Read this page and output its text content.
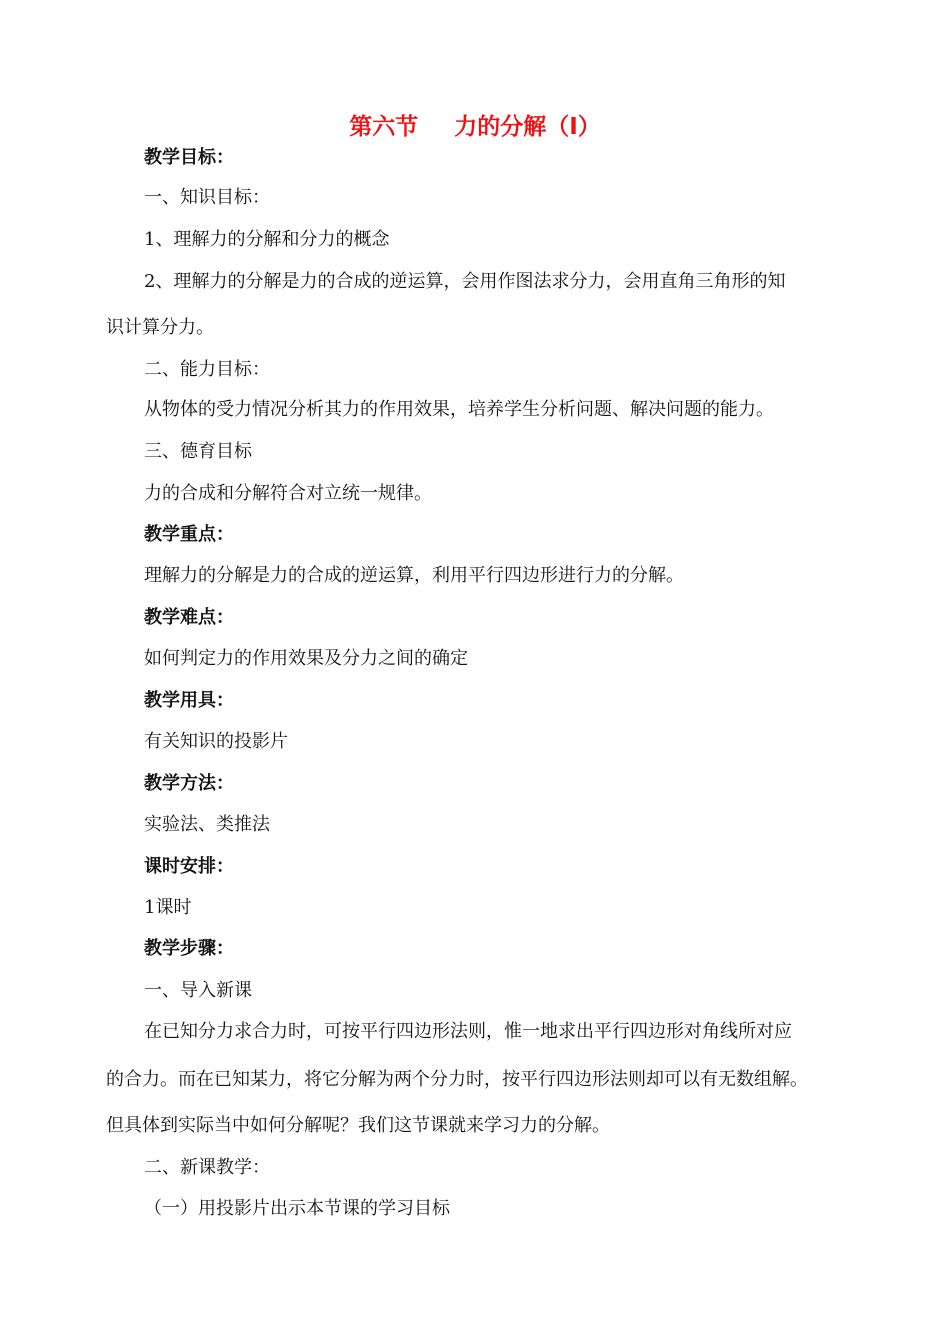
第六节 力的分解（I）
教学目标：
一、知识目标：
1、理解力的分解和分力的概念
2、理解力的分解是力的合成的逆运算，会用作图法求分力，会用直角三角形的知
识计算分力。
二、能力目标：
从物体的受力情况分析其力的作用效果，培养学生分析问题、解决问题的能力。
三、德育目标
力的合成和分解符合对立统一规律。
教学重点：
理解力的分解是力的合成的逆运算，利用平行四边形进行力的分解。
教学难点：
如何判定力的作用效果及分力之间的确定
教学用具：
有关知识的投影片
教学方法：
实验法、类推法
课时安排：
1课时
教学步骤：
一、导入新课
在已知分力求合力时，可按平行四边形法则，惟一地求出平行四边形对角线所对应
的合力。而在已知某力，将它分解为两个分力时，按平行四边形法则却可以有无数组解。
但具体到实际当中如何分解呢？我们这节课就来学习力的分解。
二、新课教学：
（一）用投影片出示本节课的学习目标
